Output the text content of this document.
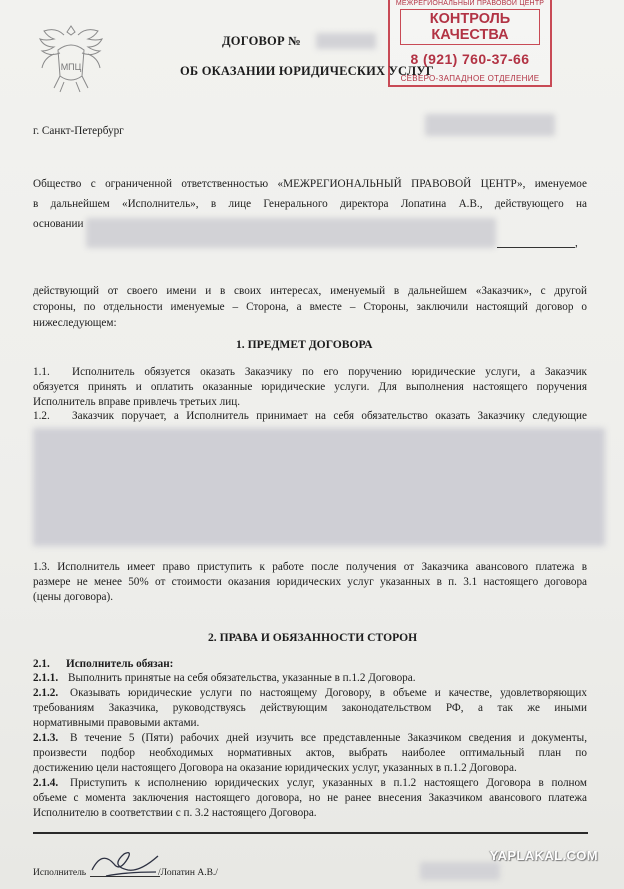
МПЦ
МЕЖРЕГИОНАЛЬНЫЙ ПРАВОВОЙ ЦЕНТР
КОНТРОЛЬ КАЧЕСТВА
8 (921) 760-37-66
СЕВЕРО-ЗАПАДНОЕ ОТДЕЛЕНИЕ
ДОГОВОР №
ОБ ОКАЗАНИИ ЮРИДИЧЕСКИХ УСЛУГ
г. Санкт-Петербург
Общество с ограниченной ответственностью «МЕЖРЕГИОНАЛЬНЫЙ ПРАВОВОЙ ЦЕНТР», именуемое
в дальнейшем «Исполнитель», в лице Генерального директора Лопатина А.В., действующего на
основании
,
действующий от своего имени и в своих интересах, именуемый в дальнейшем «Заказчик», с другой
стороны, по отдельности именуемые – Сторона, а вместе – Стороны, заключили настоящий договор о
нижеследующем:
1. ПРЕДМЕТ ДОГОВОРА
1.1. Исполнитель обязуется оказать Заказчику по его поручению юридические услуги, а Заказчик
обязуется принять и оплатить оказанные юридические услуги. Для выполнения настоящего поручения
Исполнитель вправе привлечь третьих лиц.
1.2. Заказчик поручает, а Исполнитель принимает на себя обязательство оказать Заказчику следующие
1.3. Исполнитель имеет право приступить к работе после получения от Заказчика авансового платежа в
размере не менее 50% от стоимости оказания юридических услуг указанных в п. 3.1 настоящего договора
(цены договора).
2. ПРАВА И ОБЯЗАННОСТИ СТОРОН
2.1. Исполнитель обязан:
2.1.1. Выполнить принятые на себя обязательства, указанные в п.1.2 Договора.
2.1.2. Оказывать юридические услуги по настоящему Договору, в объеме и качестве, удовлетворяющих
требованиям Заказчика, руководствуясь действующим законодательством РФ, а так же иными
нормативными правовыми актами.
2.1.3. В течение 5 (Пяти) рабочих дней изучить все представленные Заказчиком сведения и документы,
произвести подбор необходимых нормативных актов, выбрать наиболее оптимальный план по
достижению цели настоящего Договора на оказание юридических услуг, указанных в п.1.2 Договора.
2.1.4. Приступить к исполнению юридических услуг, указанных в п.1.2 настоящего Договора в полном
объеме с момента заключения настоящего договора, но не ранее внесения Заказчиком авансового платежа
Исполнителю в соответствии с п. 3.2 настоящего Договора.
Исполнитель	/Лопатин А.В./
YAPLAKAL.COM
